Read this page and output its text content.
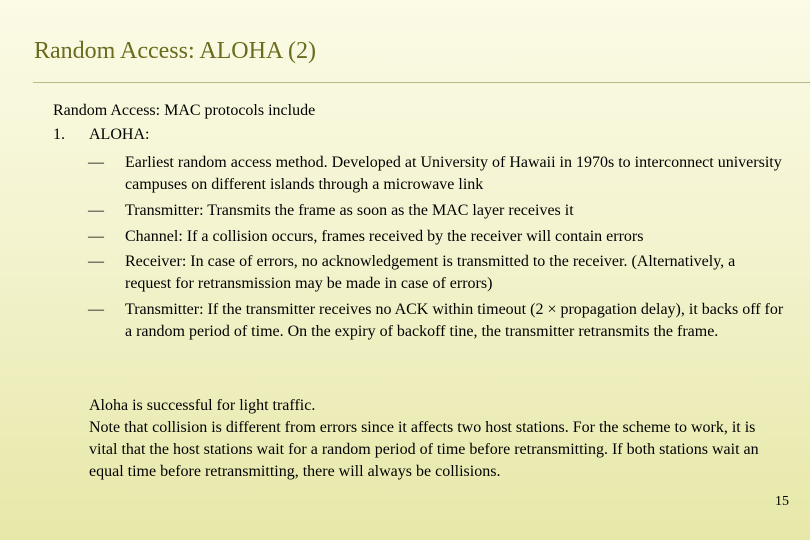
Random Access: ALOHA (2)
Random Access: MAC protocols include
1. ALOHA:
— Earliest random access method. Developed at University of Hawaii in 1970s to interconnect university campuses on different islands through a microwave link
— Transmitter: Transmits the frame as soon as the MAC layer receives it
— Channel: If a collision occurs, frames received by the receiver will contain errors
— Receiver: In case of errors, no acknowledgement is transmitted to the receiver. (Alternatively, a request for retransmission may be made in case of errors)
— Transmitter: If the transmitter receives no ACK within timeout (2 × propagation delay), it backs off for a random period of time. On the expiry of backoff tine, the transmitter retransmits the frame.
Aloha is successful for light traffic.
Note that collision is different from errors since it affects two host stations. For the scheme to work, it is vital that the host stations wait for a random period of time before retransmitting. If both stations wait an equal time before retransmitting, there will always be collisions.
15
